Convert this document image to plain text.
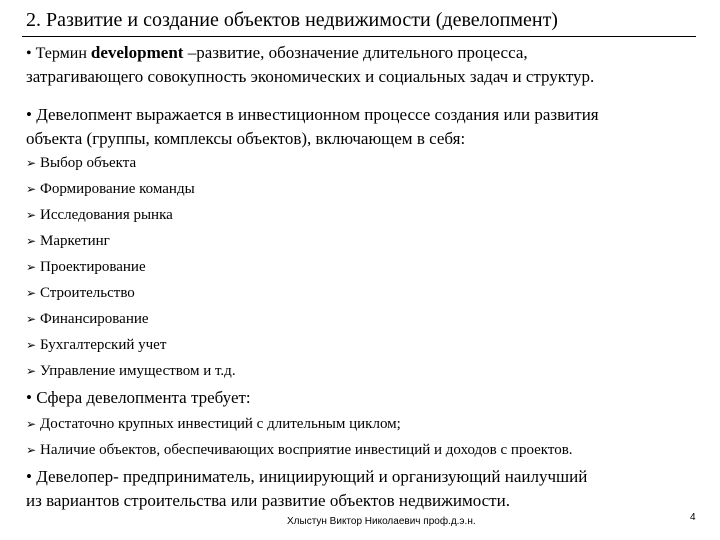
2. Развитие и создание объектов недвижимости (девелопмент)
• Термин development –развитие, обозначение длительного процесса,
затрагивающего совокупность экономических и социальных задач и структур.
• Девелопмент выражается в инвестиционном процессе создания или развития
объекта (группы, комплексы объектов), включающем в себя:
➢ Выбор объекта
➢ Формирование команды
➢ Исследования рынка
➢ Маркетинг
➢ Проектирование
➢ Строительство
➢ Финансирование
➢ Бухгалтерский учет
➢ Управление имуществом и т.д.
• Сфера девелопмента требует:
➢ Достаточно крупных инвестиций с длительным циклом;
➢ Наличие объектов, обеспечивающих восприятие инвестиций и доходов с проектов.
• Девелопер- предприниматель, инициирующий и организующий наилучший
из вариантов строительства или развитие объектов недвижимости.
Хлыстун Виктор Николаевич проф.д.э.н.	4
